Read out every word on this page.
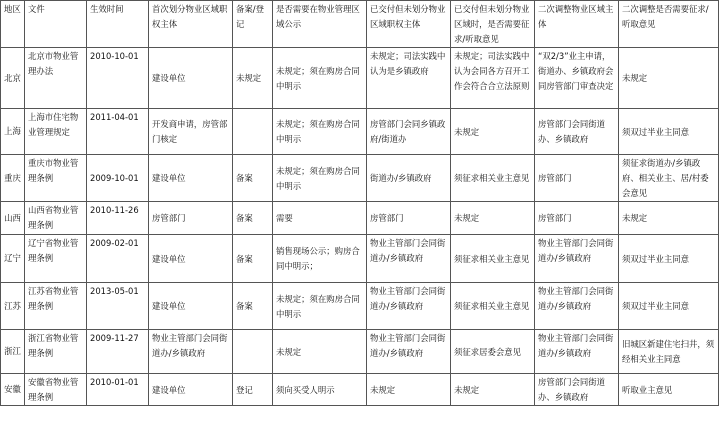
地区	文件	生效时间	首次划分物业区域职权主体	备案/登记	是否需要在物业管理区域公示	已交付但未划分物业区域职权主体	已交付但未划分物业区域时，是否需要征求/听取意见	二次调整物业区域主体	二次调整是否需要征求/听取意见
北京	北京市物业管理办法	2010-10-01	建设单位	未规定	未规定；须在购房合同中明示	未规定；司法实践中认为是乡镇政府	未规定；司法实践中认为会同各方召开工作会符合合立法原则	“双2/3”业主申请，街道办、乡镇政府会同房管部门审查决定	未规定
上海	上海市住宅物业管理规定	2011-04-01	开发商申请，房管部门核定		未规定；须在购房合同中明示	房管部门会同乡镇政府/街道办	未规定	房管部门会同街道办、乡镇政府	须双过半业主同意
重庆	重庆市物业管理条例	2009-10-01	建设单位	备案	未规定；须在购房合同中明示	街道办/乡镇政府	须征求相关业主意见	房管部门	须征求街道办/乡镇政府、相关业主、居/村委会意见
山西	山西省物业管理条例	2010-11-26	房管部门	备案	需要	房管部门	未规定	房管部门	未规定
辽宁	辽宁省物业管理条例	2009-02-01	建设单位	备案	销售现场公示；购房合同中明示；	物业主管部门会同街道办/乡镇政府	须征求相关业主意见	物业主管部门会同街道办/乡镇政府	须双过半业主同意
江苏	江苏省物业管理条例	2013-05-01	建设单位	备案	未规定；须在购房合同中明示	物业主管部门会同街道办/乡镇政府	须征求相关业主意见	物业主管部门会同街道办/乡镇政府	须双过半业主同意
浙江	浙江省物业管理条例	2009-11-27	物业主管部门会同街道办/乡镇政府		未规定	物业主管部门会同街道办/乡镇政府	须征求居委会意见	物业主管部门会同街道办/乡镇政府	旧城区新建住宅扫井，须经相关业主同意
安徽	安徽省物业管理条例	2010-01-01	建设单位	登记	须向买受人明示	未规定	未规定	房管部门会同街道办、乡镇政府	听取业主意见
